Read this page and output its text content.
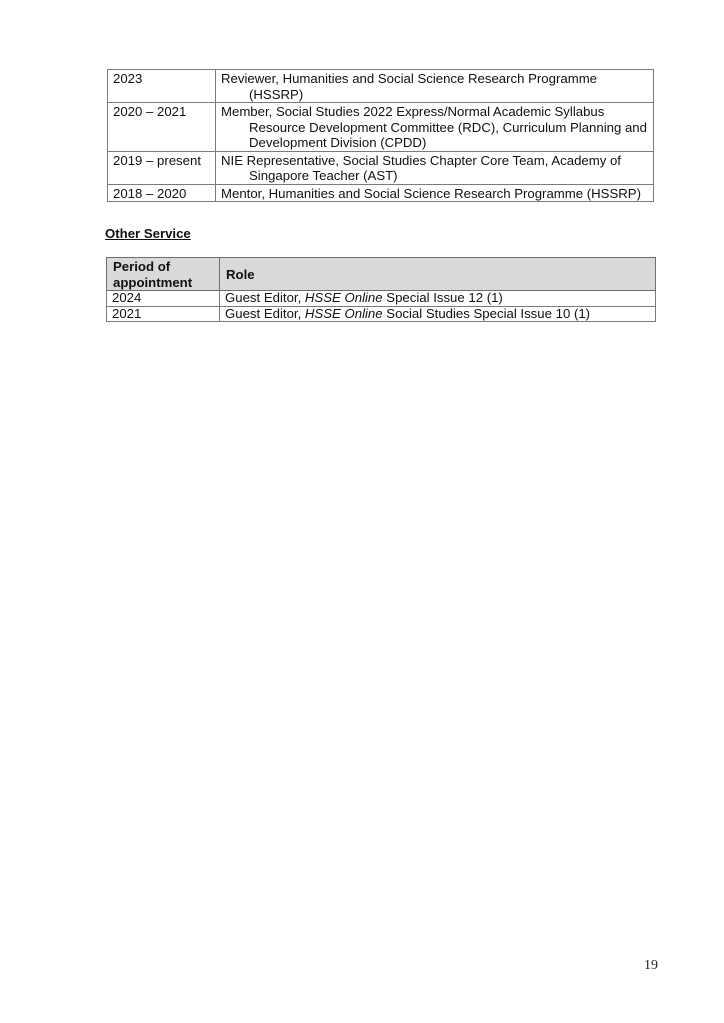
2023	Reviewer, Humanities and Social Science Research Programme (HSSRP)

2020 – 2021	Member, Social Studies 2022 Express/Normal Academic Syllabus Resource Development Committee (RDC), Curriculum Planning and Development Division (CPDD)

2019 – present	NIE Representative, Social Studies Chapter Core Team, Academy of Singapore Teacher (AST)

2018 – 2020	Mentor, Humanities and Social Science Research Programme (HSSRP)
Other Service
Period of appointment	Role
2024	Guest Editor, HSSE Online Special Issue 12 (1)
2021	Guest Editor, HSSE Online Social Studies Special Issue 10 (1)
19
